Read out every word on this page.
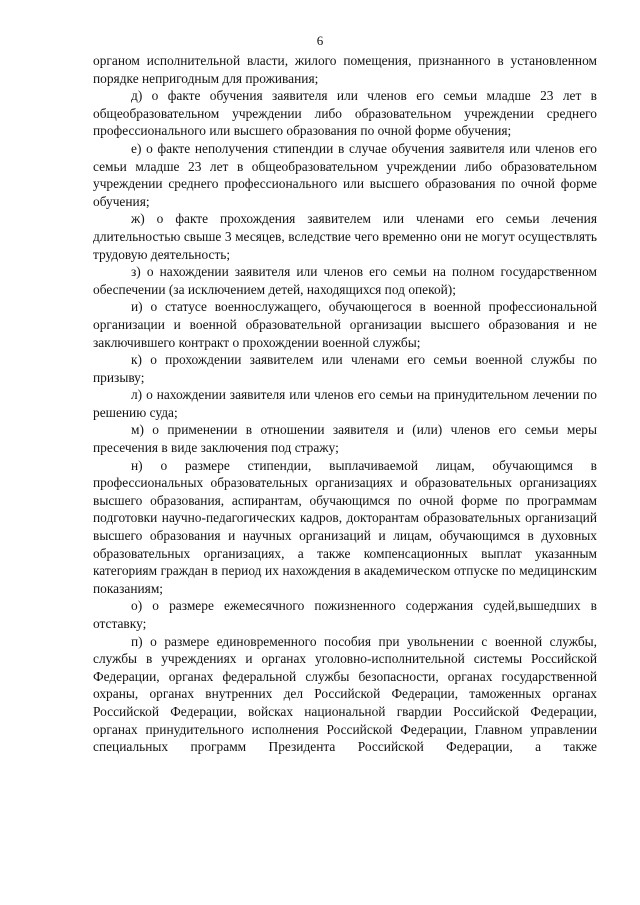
6

органом исполнительной власти, жилого помещения, признанного в установленном порядке непригодным для проживания;

д) о факте обучения заявителя или членов его семьи младше 23 лет в общеобразовательном учреждении либо образовательном учреждении среднего профессионального или высшего образования по очной форме обучения;

е) о факте неполучения стипендии в случае обучения заявителя или членов его семьи младше 23 лет в общеобразовательном учреждении либо образовательном учреждении среднего профессионального или высшего образования по очной форме обучения;

ж) о факте прохождения заявителем или членами его семьи лечения длительностью свыше 3 месяцев, вследствие чего временно они не могут осуществлять трудовую деятельность;

з) о нахождении заявителя или членов его семьи на полном государственном обеспечении (за исключением детей, находящихся под опекой);

и) о статусе военнослужащего, обучающегося в военной профессиональной организации и военной образовательной организации высшего образования и не заключившего контракт о прохождении военной службы;

к) о прохождении заявителем или членами его семьи военной службы по призыву;

л) о нахождении заявителя или членов его семьи на принудительном лечении по решению суда;

м) о применении в отношении заявителя и (или) членов его семьи меры пресечения в виде заключения под стражу;

н) о размере стипендии, выплачиваемой лицам, обучающимся в профессиональных образовательных организациях и образовательных организациях высшего образования, аспирантам, обучающимся по очной форме по программам подготовки научно-педагогических кадров, докторантам образовательных организаций высшего образования и научных организаций и лицам, обучающимся в духовных образовательных организациях, а также компенсационных выплат указанным категориям граждан в период их нахождения в академическом отпуске по медицинским показаниям;

о) о размере ежемесячного пожизненного содержания судей,вышедших в отставку;

п) о размере единовременного пособия при увольнении с военной службы, службы в учреждениях и органах уголовно-исполнительной системы Российской Федерации, органах федеральной службы безопасности, органах государственной охраны, органах внутренних дел Российской Федерации, таможенных органах Российской Федерации, войсках национальной гвардии Российской Федерации, органах принудительного исполнения Российской Федерации, Главном управлении специальных программ Президента Российской Федерации, а также
